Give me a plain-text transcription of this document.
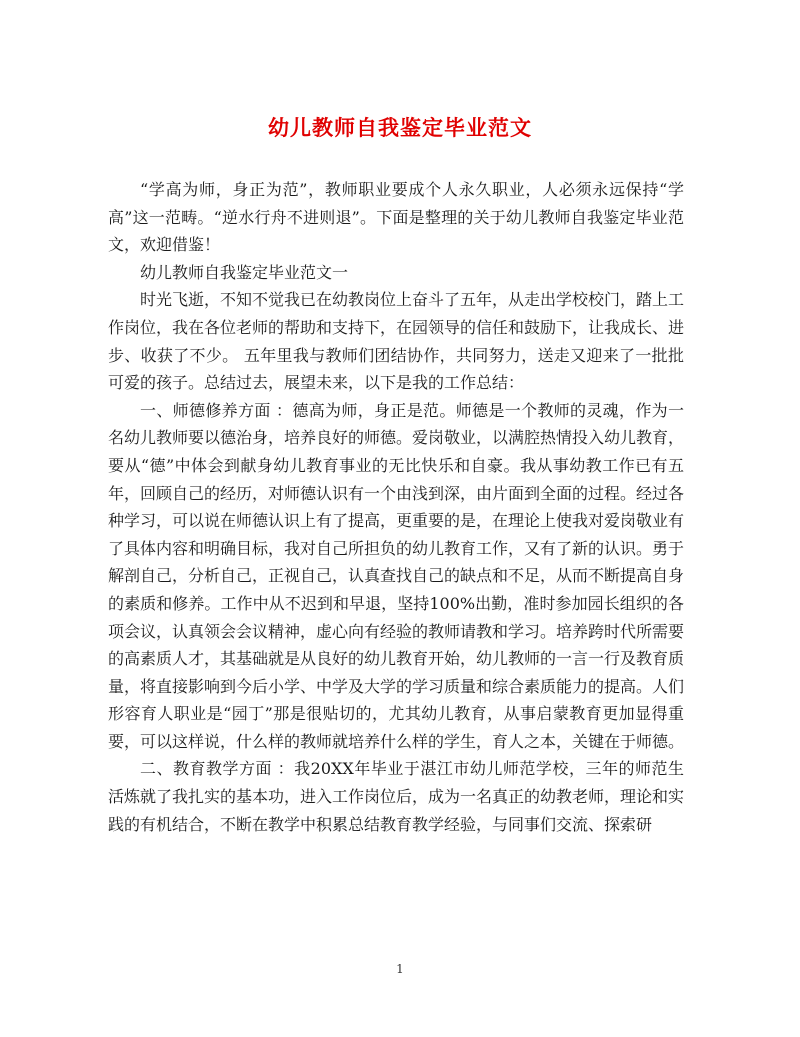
幼儿教师自我鉴定毕业范文

“学高为师，身正为范”，教师职业要成个人永久职业，人必须永远保持“学高”这一范畴。“逆水行舟不进则退”。下面是整理的关于幼儿教师自我鉴定毕业范文，欢迎借鉴！

幼儿教师自我鉴定毕业范文一

时光飞逝，不知不觉我已在幼教岗位上奋斗了五年，从走出学校校门，踏上工作岗位，我在各位老师的帮助和支持下，在园领导的信任和鼓励下，让我成长、进步、收获了不少。 五年里我与教师们团结协作，共同努力，送走又迎来了一批批可爱的孩子。总结过去，展望未来，以下是我的工作总结：

一、师德修养方面 ：德高为师，身正是范。师德是一个教师的灵魂，作为一名幼儿教师要以德治身，培养良好的师德。爱岗敬业，以满腔热情投入幼儿教育，要从“德”中体会到献身幼儿教育事业的无比快乐和自豪。我从事幼教工作已有五年，回顾自己的经历，对师德认识有一个由浅到深，由片面到全面的过程。经过各种学习，可以说在师德认识上有了提高，更重要的是，在理论上使我对爱岗敬业有了具体内容和明确目标，我对自己所担负的幼儿教育工作，又有了新的认识。勇于解剖自己，分析自己，正视自己，认真查找自己的缺点和不足，从而不断提高自身的素质和修养。工作中从不迟到和早退，坚持100%出勤，准时参加园长组织的各项会议，认真领会会议精神，虚心向有经验的教师请教和学习。培养跨时代所需要的高素质人才，其基础就是从良好的幼儿教育开始，幼儿教师的一言一行及教育质量，将直接影响到今后小学、中学及大学的学习质量和综合素质能力的提高。人们形容育人职业是“园丁”那是很贴切的，尤其幼儿教育，从事启蒙教育更加显得重要，可以这样说，什么样的教师就培养什么样的学生，育人之本，关键在于师德。

二、教育教学方面 ：我20XX年毕业于湛江市幼儿师范学校，三年的师范生活炼就了我扎实的基本功，进入工作岗位后，成为一名真正的幼教老师，理论和实践的有机结合，不断在教学中积累总结教育教学经验，与同事们交流、探索研

1
